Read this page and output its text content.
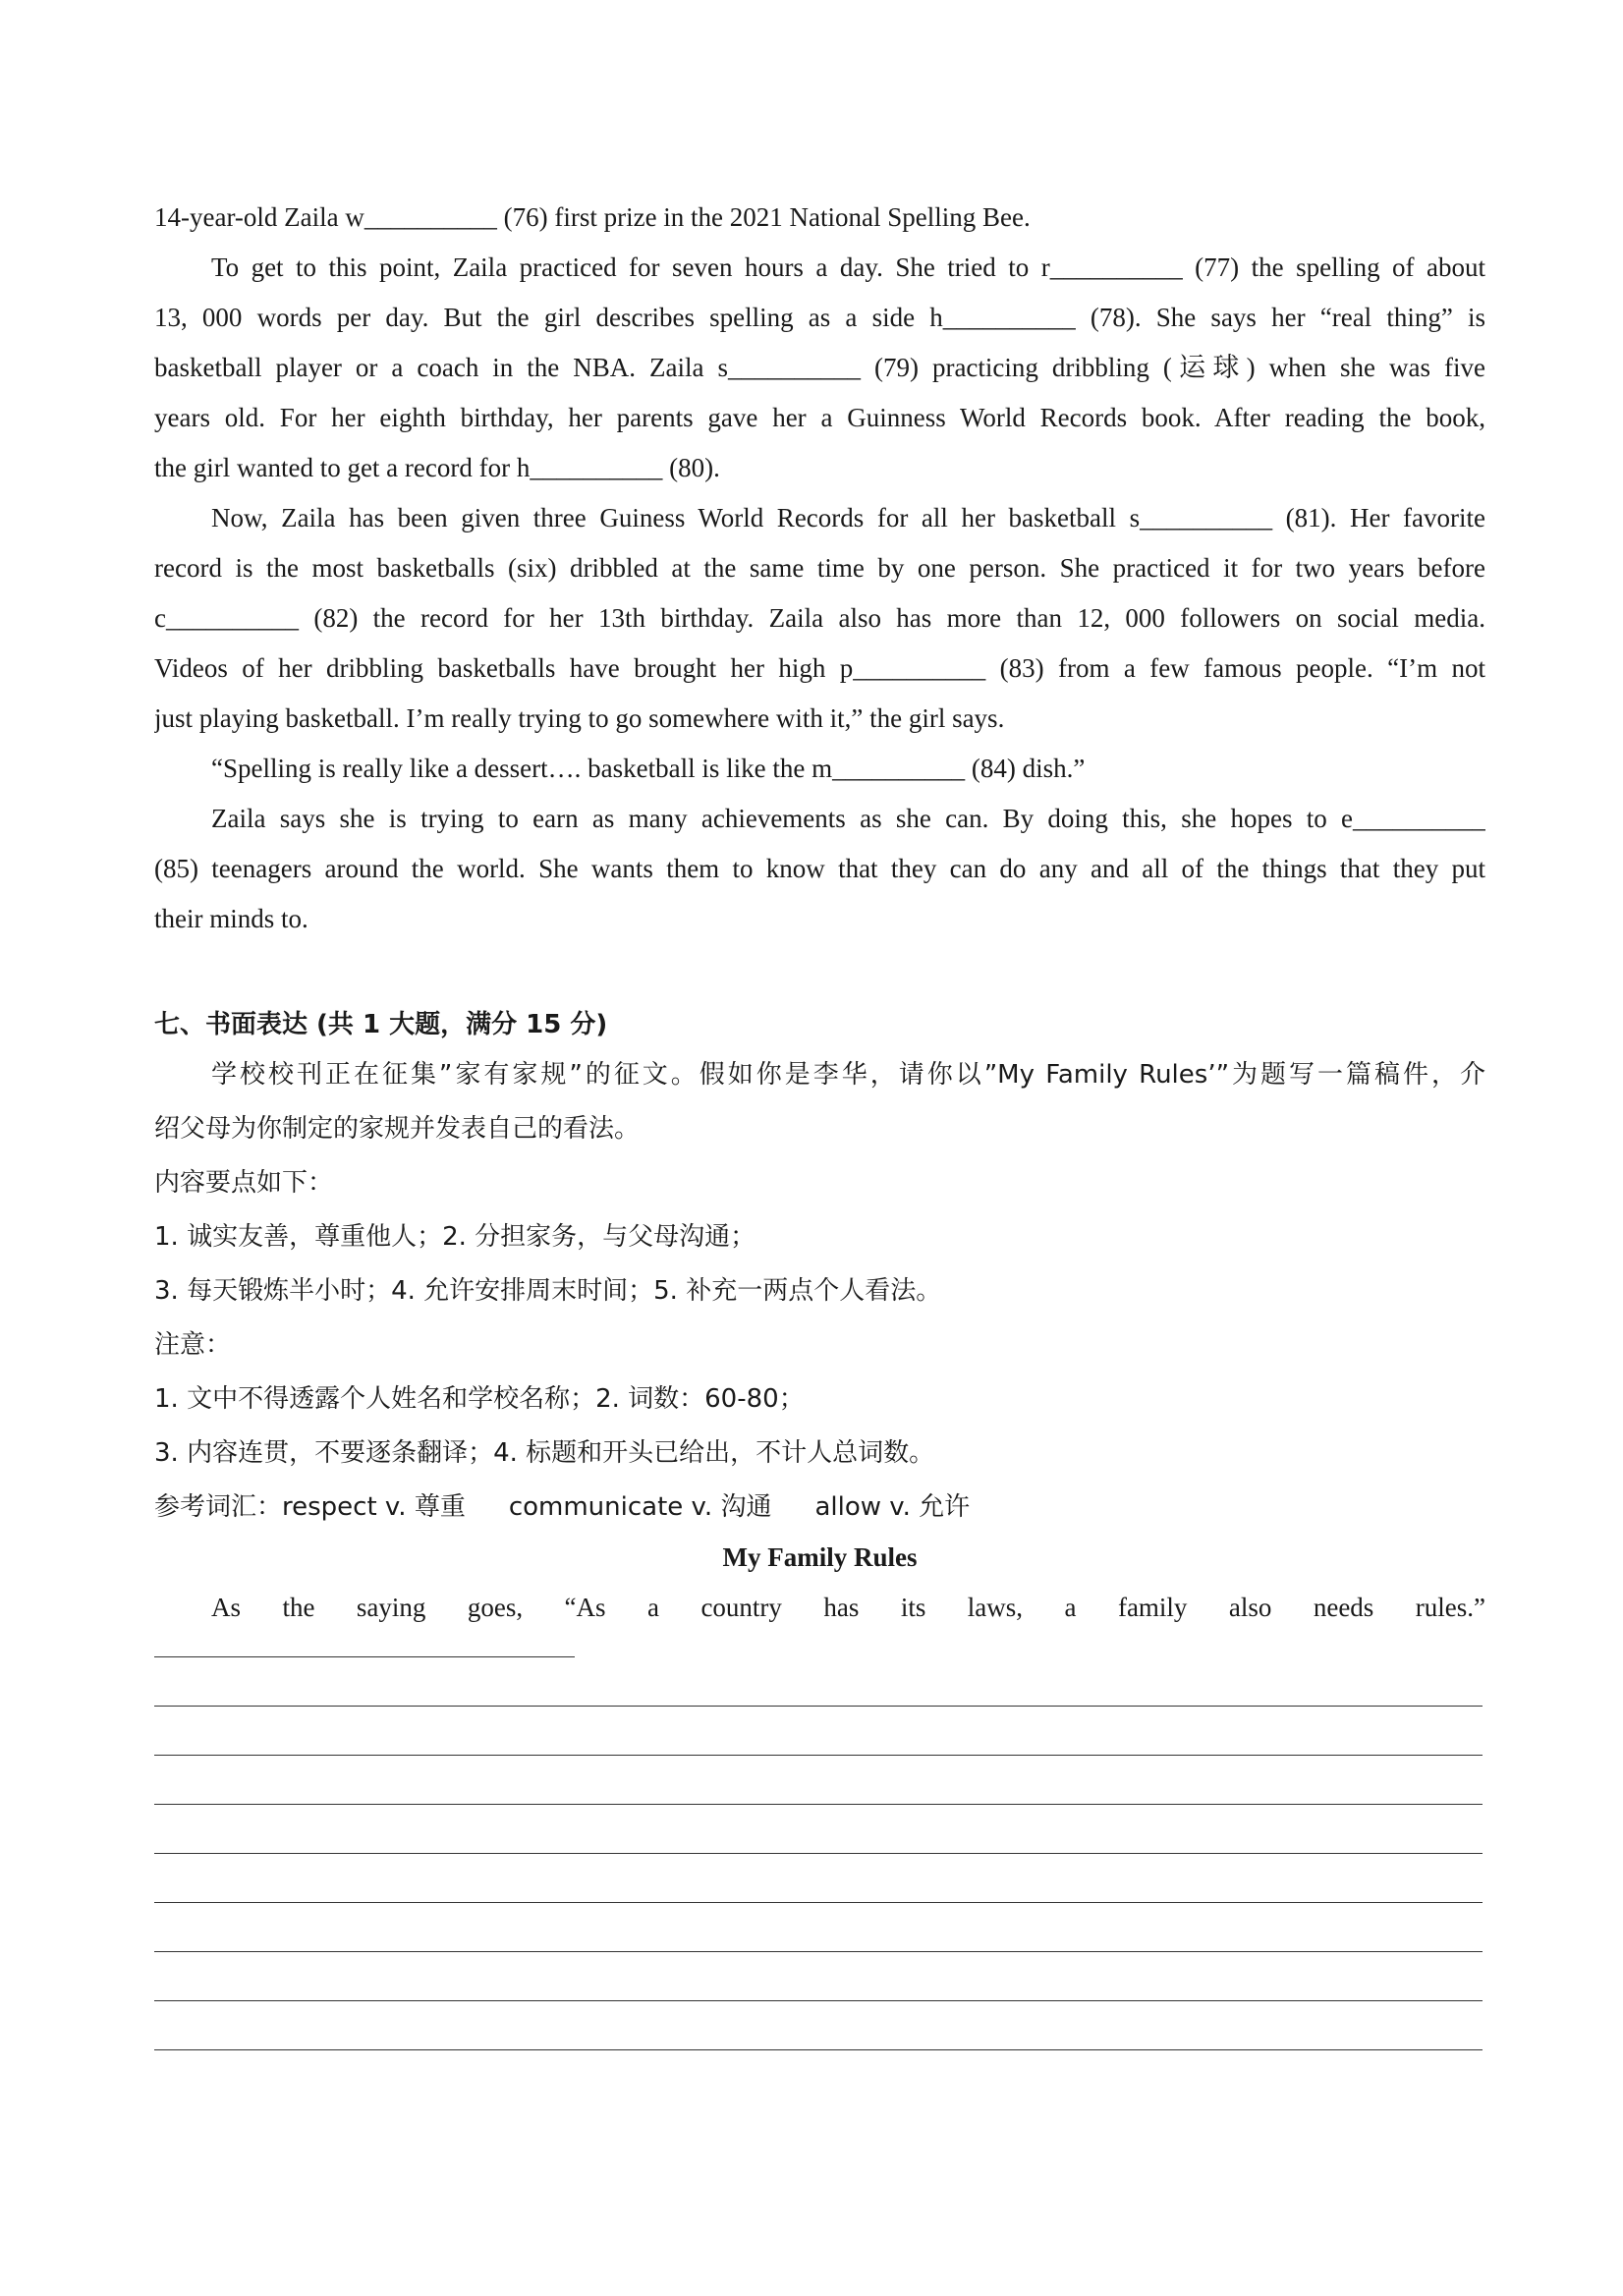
14-year-old Zaila w__________ (76) first prize in the 2021 National Spelling Bee.
To get to this point, Zaila practiced for seven hours a day. She tried to r__________ (77) the spelling of about
13, 000 words per day. But the girl describes spelling as a side h__________ (78). She says her “real thing” is
basketball player or a coach in the NBA. Zaila s__________ (79) practicing dribbling (运球) when she was five
years old. For her eighth birthday, her parents gave her a Guinness World Records book. After reading the book,
the girl wanted to get a record for h__________ (80).
Now, Zaila has been given three Guiness World Records for all her basketball s__________ (81). Her favorite
record is the most basketballs (six) dribbled at the same time by one person. She practiced it for two years before
c__________ (82) the record for her 13th birthday. Zaila also has more than 12, 000 followers on social media.
Videos of her dribbling basketballs have brought her high p__________ (83) from a few famous people. “I’m not
just playing basketball. I’m really trying to go somewhere with it,” the girl says.
“Spelling is really like a dessert…. basketball is like the m__________ (84) dish.”
Zaila says she is trying to earn as many achievements as she can. By doing this, she hopes to e__________
(85) teenagers around the world. She wants them to know that they can do any and all of the things that they put
their minds to.
七、书面表达 (共 1 大题，满分 15 分)
学校校刊正在征集”家有家规”的征文。假如你是李华，请你以”My Family Rules’”为题写一篇稿件，介
绍父母为你制定的家规并发表自己的看法。
内容要点如下：
1. 诚实友善，尊重他人；2. 分担家务，与父母沟通；
3. 每天锻炼半小时；4. 允许安排周末时间；5. 补充一两点个人看法。
注意：
1. 文中不得透露个人姓名和学校名称；2. 词数：60-80；
3. 内容连贯，不要逐条翻译；4. 标题和开头已给出，不计人总词数。
参考词汇：respect v. 尊重 communicate v. 沟通 allow v. 允许
My Family Rules
As the saying goes, “As a country has its laws, a family also needs rules.”
